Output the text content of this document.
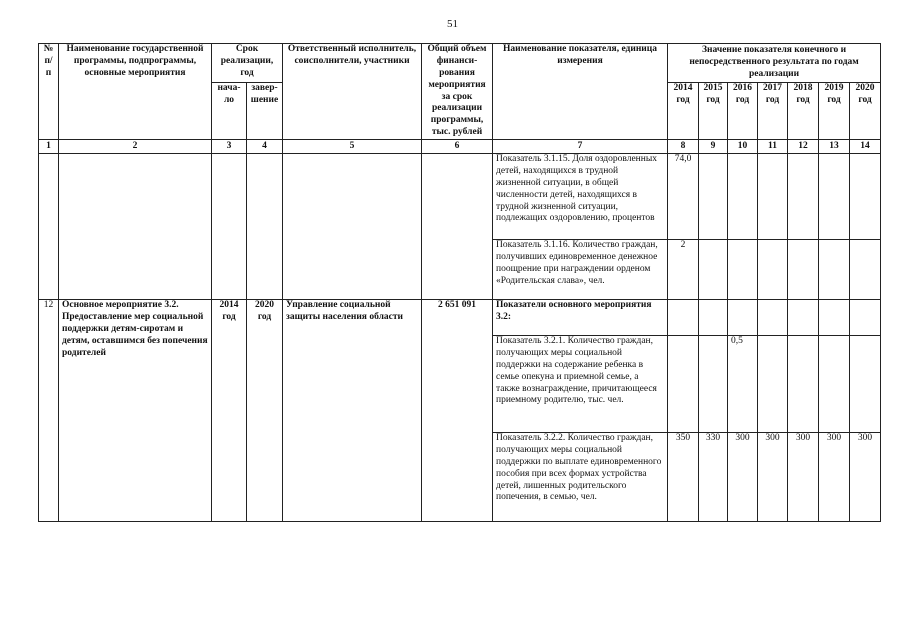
51
№ п/п	Наименование государственной программы, подпрограммы, основные мероприятия	Срок реализации, год		Ответственный исполнитель, соисполнители, участники	Общий объем финанси-рования мероприятия за срок реализации программы, тыс. рублей	Наименование показателя, единица измерения	Значение показателя конечного и непосредственного результата по годам реализации						
		нача-ло	завер-шение				2014 год	2015 год	2016 год	2017 год	2018 год	2019 год	2020 год
1	2	3	4	5	6	7	8	9	10	11	12	13	14
						Показатель 3.1.15. Доля оздоровленных детей, находящихся в трудной жизненной ситуации, в общей численности детей, находящихся в трудной жизненной ситуации, подлежащих оздоровлению, процентов	74,0						
						Показатель 3.1.16. Количество граждан, получивших единовременное денежное поощрение при награждении орденом «Родительская слава», чел.	2						
12	Основное мероприятие 3.2. Предоставление мер социальной поддержки детям-сиротам и детям, оставшимся без попечения родителей	2014 год	2020 год	Управление социальной защиты населения области	2 651 091	Показатели основного мероприятия 3.2:							
						Показатель 3.2.1. Количество граждан, получающих меры социальной поддержки на содержание ребенка в семье опекуна и приемной семье, а также вознаграждение, причитающееся приемному родителю, тыс. чел.			0,5				
						Показатель 3.2.2. Количество граждан, получающих меры социальной поддержки по выплате единовременного пособия при всех формах устройства детей, лишенных родительского попечения, в семью, чел.	350	330	300	300	300	300	300
